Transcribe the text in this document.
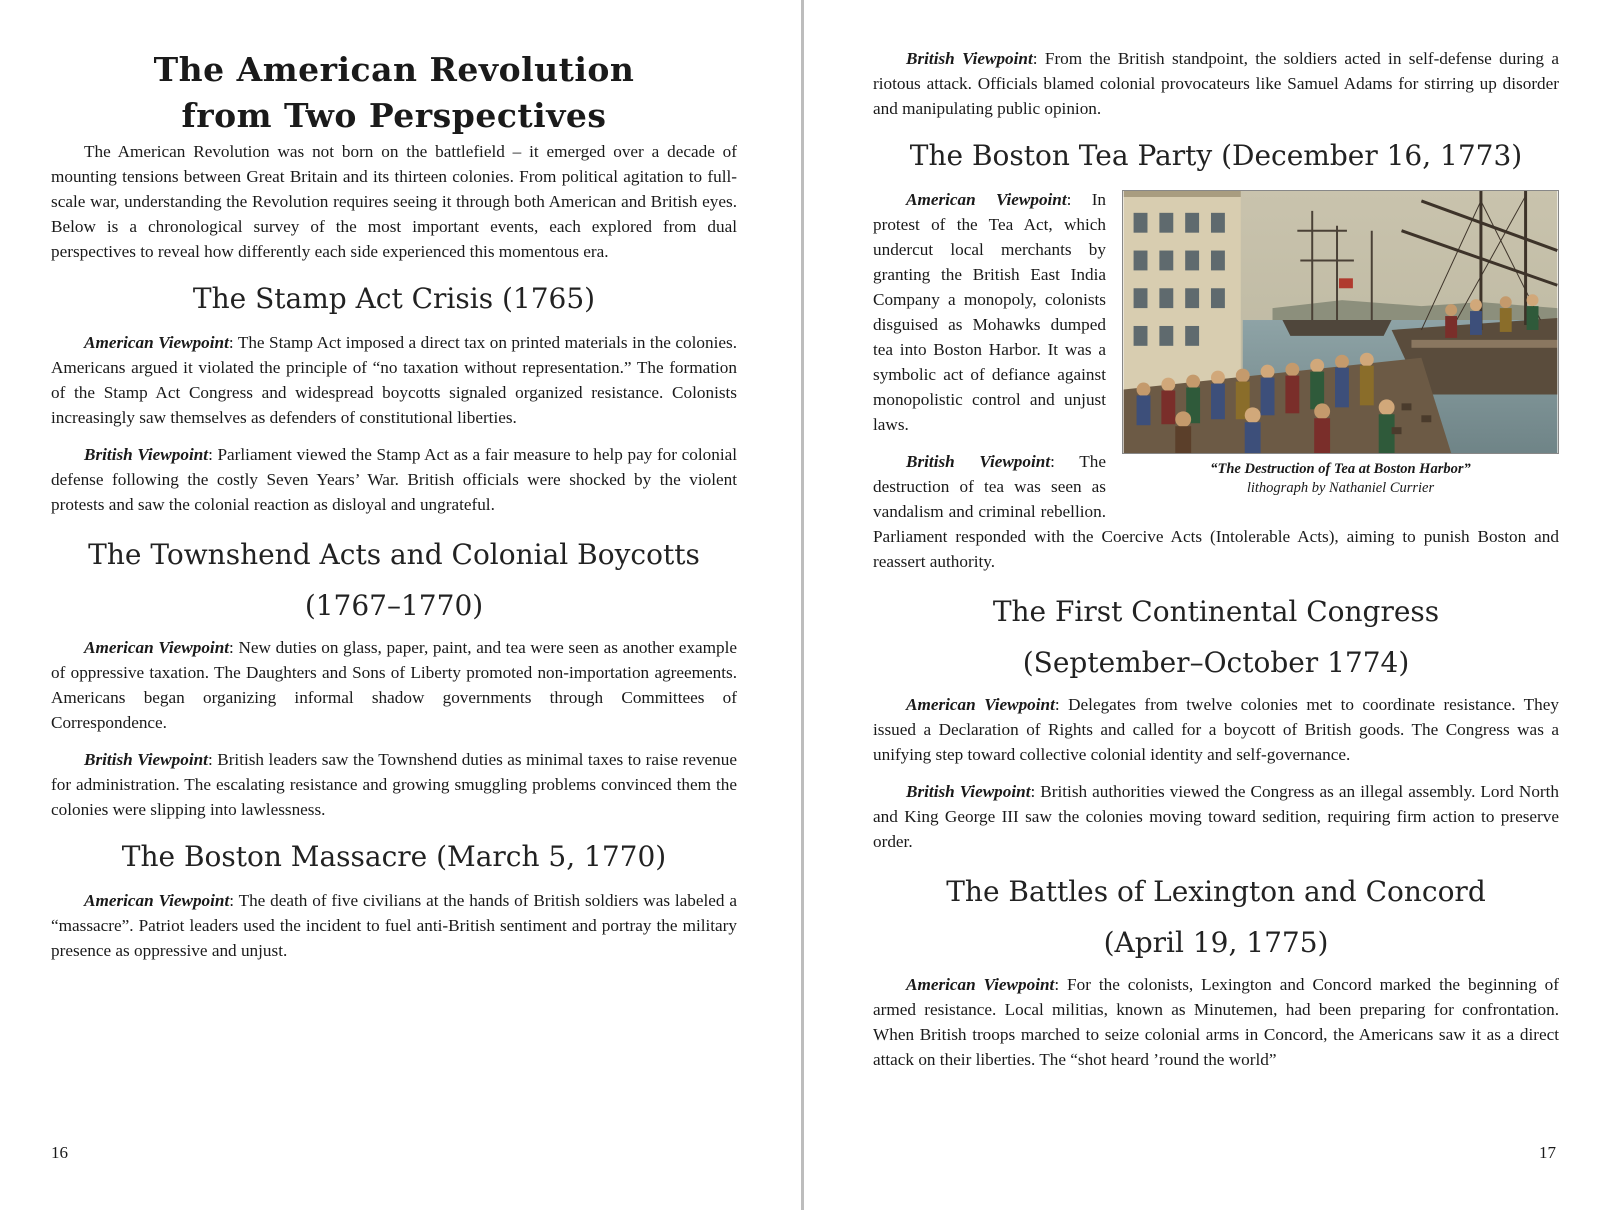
The American Revolution
from Two Perspectives

The American Revolution was not born on the battlefield – it emerged over a decade of mounting tensions between Great Britain and its thirteen colonies. From political agitation to full-scale war, understanding the Revolution requires seeing it through both American and British eyes. Below is a chronological survey of the most important events, each explored from dual perspectives to reveal how differently each side experienced this momentous era.

The Stamp Act Crisis (1765)

American Viewpoint: The Stamp Act imposed a direct tax on printed materials in the colonies. Americans argued it violated the principle of “no taxation without representation.” The formation of the Stamp Act Congress and widespread boycotts signaled organized resistance. Colonists increasingly saw themselves as defenders of constitutional liberties.

British Viewpoint: Parliament viewed the Stamp Act as a fair measure to help pay for colonial defense following the costly Seven Years’ War. British officials were shocked by the violent protests and saw the colonial reaction as disloyal and ungrateful.

The Townshend Acts and Colonial Boycotts
(1767–1770)

American Viewpoint: New duties on glass, paper, paint, and tea were seen as another example of oppressive taxation. The Daughters and Sons of Liberty promoted non-importation agreements. Americans began organizing informal shadow governments through Committees of Correspondence.

British Viewpoint: British leaders saw the Townshend duties as minimal taxes to raise revenue for administration. The escalating resistance and growing smuggling problems convinced them the colonies were slipping into lawlessness.

The Boston Massacre (March 5, 1770)

American Viewpoint: The death of five civilians at the hands of British soldiers was labeled a “massacre”. Patriot leaders used the incident to fuel anti-British sentiment and portray the military presence as oppressive and unjust.

16

British Viewpoint: From the British standpoint, the soldiers acted in self-defense during a riotous attack. Officials blamed colonial provocateurs like Samuel Adams for stirring up disorder and manipulating public opinion.

The Boston Tea Party (December 16, 1773)
“The Destruction of Tea at Boston Harbor”
lithograph by Nathaniel Currier

American Viewpoint: In protest of the Tea Act, which undercut local merchants by granting the British East India Company a monopoly, colonists disguised as Mohawks dumped tea into Boston Harbor. It was a symbolic act of defiance against monopolistic control and unjust laws.

British Viewpoint: The destruction of tea was seen as vandalism and criminal rebellion. Parliament responded with the Coercive Acts (Intolerable Acts), aiming to punish Boston and reassert authority.

The First Continental Congress
(September–October 1774)

American Viewpoint: Delegates from twelve colonies met to coordinate resistance. They issued a Declaration of Rights and called for a boycott of British goods. The Congress was a unifying step toward collective colonial identity and self-governance.

British Viewpoint: British authorities viewed the Congress as an illegal assembly. Lord North and King George III saw the colonies moving toward sedition, requiring firm action to preserve order.

The Battles of Lexington and Concord
(April 19, 1775)

American Viewpoint: For the colonists, Lexington and Concord marked the beginning of armed resistance. Local militias, known as Minutemen, had been preparing for confrontation. When British troops marched to seize colonial arms in Concord, the Americans saw it as a direct attack on their liberties. The “shot heard ’round the world”

17
